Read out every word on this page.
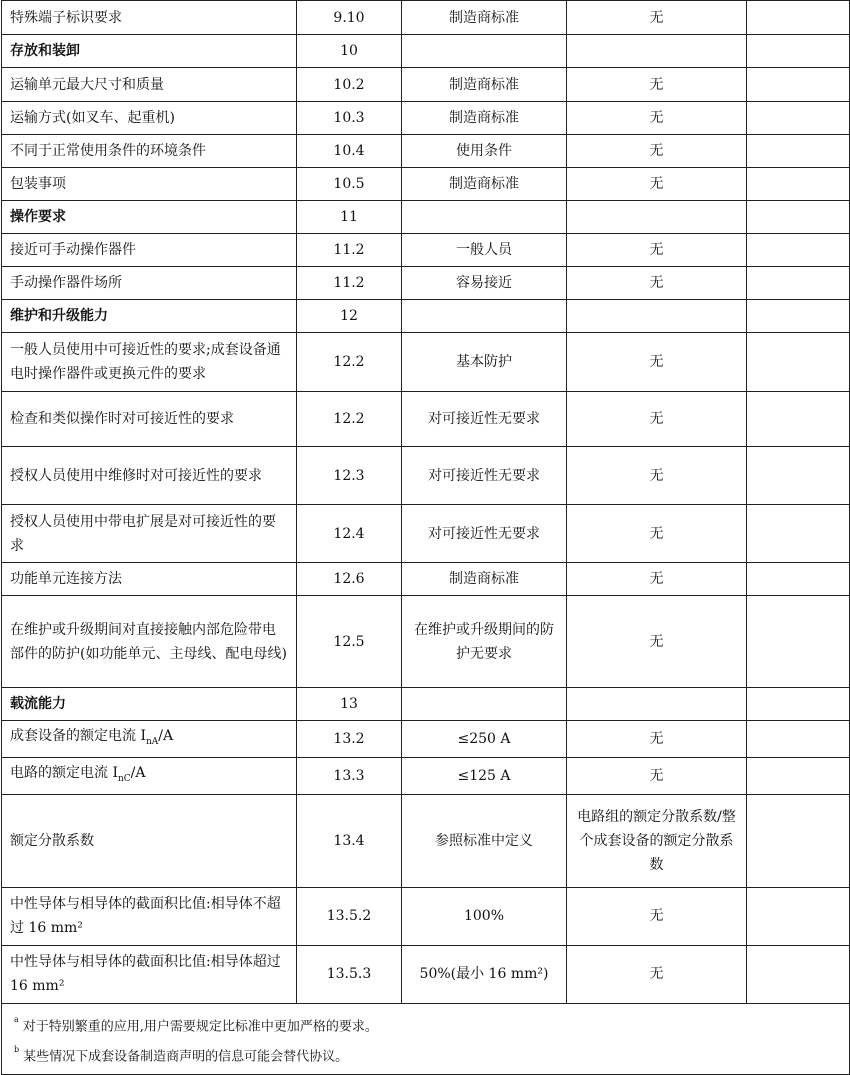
特殊端子标识要求	9.10	制造商标准	无	
存放和装卸	10			
运输单元最大尺寸和质量	10.2	制造商标准	无	
运输方式(如叉车、起重机)	10.3	制造商标准	无	
不同于正常使用条件的环境条件	10.4	使用条件	无	
包装事项	10.5	制造商标准	无	
操作要求	11			
接近可手动操作器件	11.2	一般人员	无	
手动操作器件场所	11.2	容易接近	无	
维护和升级能力	12			
一般人员使用中可接近性的要求;成套设备通电时操作器件或更换元件的要求	12.2	基本防护	无	
检查和类似操作时对可接近性的要求	12.2	对可接近性无要求	无	
授权人员使用中维修时对可接近性的要求	12.3	对可接近性无要求	无	
授权人员使用中带电扩展是对可接近性的要求	12.4	对可接近性无要求	无	
功能单元连接方法	12.6	制造商标准	无	
在维护或升级期间对直接接触内部危险带电部件的防护(如功能单元、主母线、配电母线)	12.5	在维护或升级期间的防护无要求	无	
载流能力	13			
成套设备的额定电流 $I_{nA}/A$	13.2	≤250 A	无	
电路的额定电流 $I_{nC}/A$	13.3	≤125 A	无	
额定分散系数	13.4	参照标准中定义	电路组的额定分散系数/整个成套设备的额定分散系数	
中性导体与相导体的截面积比值:相导体不超过 16 mm²	13.5.2	100%	无	
中性导体与相导体的截面积比值:相导体超过 16 mm²	13.5.3	50%(最小 16 mm²)	无	

$^a$ 对于特别繁重的应用,用户需要规定比标准中更加严格的要求。
$^b$ 某些情况下成套设备制造商声明的信息可能会替代协议。				
